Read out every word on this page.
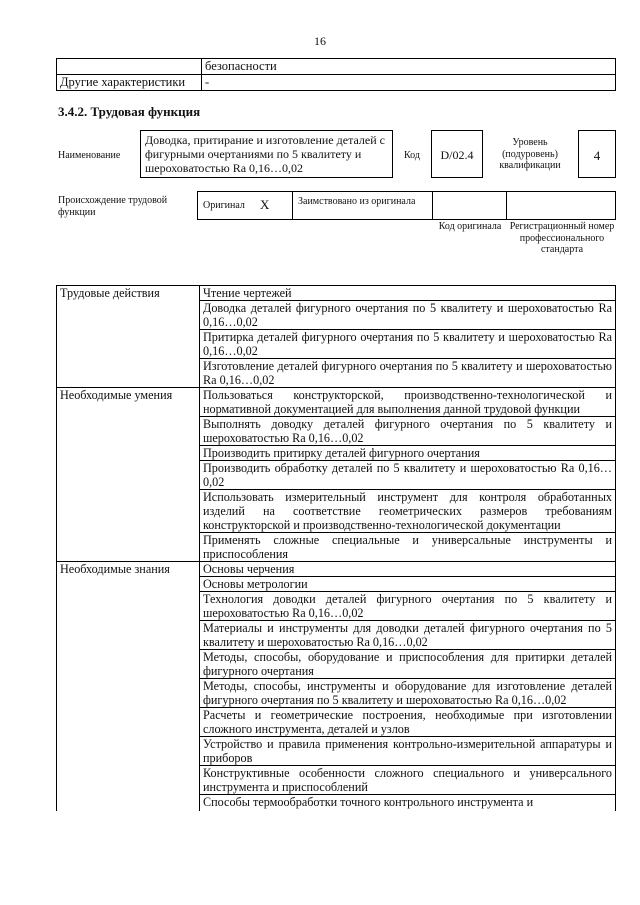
16
	безопасности
Другие характеристики	-
3.4.2. Трудовая функция
Наименование
Доводка, притирание и изготовление деталей с фигурными очертаниями по 5 квалитету и шероховатостью Ra 0,16…0,02
Код	D/02.4
Уровень (подуровень) квалификации
4
Происхождение трудовой функции
Оригинал X	Заимствовано из оригинала
Код оригинала Регистрационный номер профессионального стандарта
Трудовые действия	Чтение чертежей
	Доводка деталей фигурного очертания по 5 квалитету и шероховатостью Ra 0,16…0,02
	Притирка деталей фигурного очертания по 5 квалитету и шероховатостью Ra 0,16…0,02
	Изготовление деталей фигурного очертания по 5 квалитету и шероховатостью Ra 0,16…0,02
Необходимые умения	Пользоваться конструкторской, производственно-технологической и нормативной документацией для выполнения данной трудовой функции
	Выполнять доводку деталей фигурного очертания по 5 квалитету и шероховатостью Ra 0,16…0,02
	Производить притирку деталей фигурного очертания
	Производить обработку деталей по 5 квалитету и шероховатостью Ra 0,16…0,02
	Использовать измерительный инструмент для контроля обработанных изделий на соответствие геометрических размеров требованиям конструкторской и производственно-технологической документации
	Применять сложные специальные и универсальные инструменты и приспособления
Необходимые знания	Основы черчения
	Основы метрологии
	Технология доводки деталей фигурного очертания по 5 квалитету и шероховатостью Ra 0,16…0,02
	Материалы и инструменты для доводки деталей фигурного очертания по 5 квалитету и шероховатостью Ra 0,16…0,02
	Методы, способы, оборудование и приспособления для притирки деталей фигурного очертания
	Методы, способы, инструменты и оборудование для изготовление деталей фигурного очертания по 5 квалитету и шероховатостью Ra 0,16…0,02
	Расчеты и геометрические построения, необходимые при изготовлении сложного инструмента, деталей и узлов
	Устройство и правила применения контрольно-измерительной аппаратуры и приборов
	Конструктивные особенности сложного специального и универсального инструмента и приспособлений
	Способы термообработки точного контрольного инструмента и
